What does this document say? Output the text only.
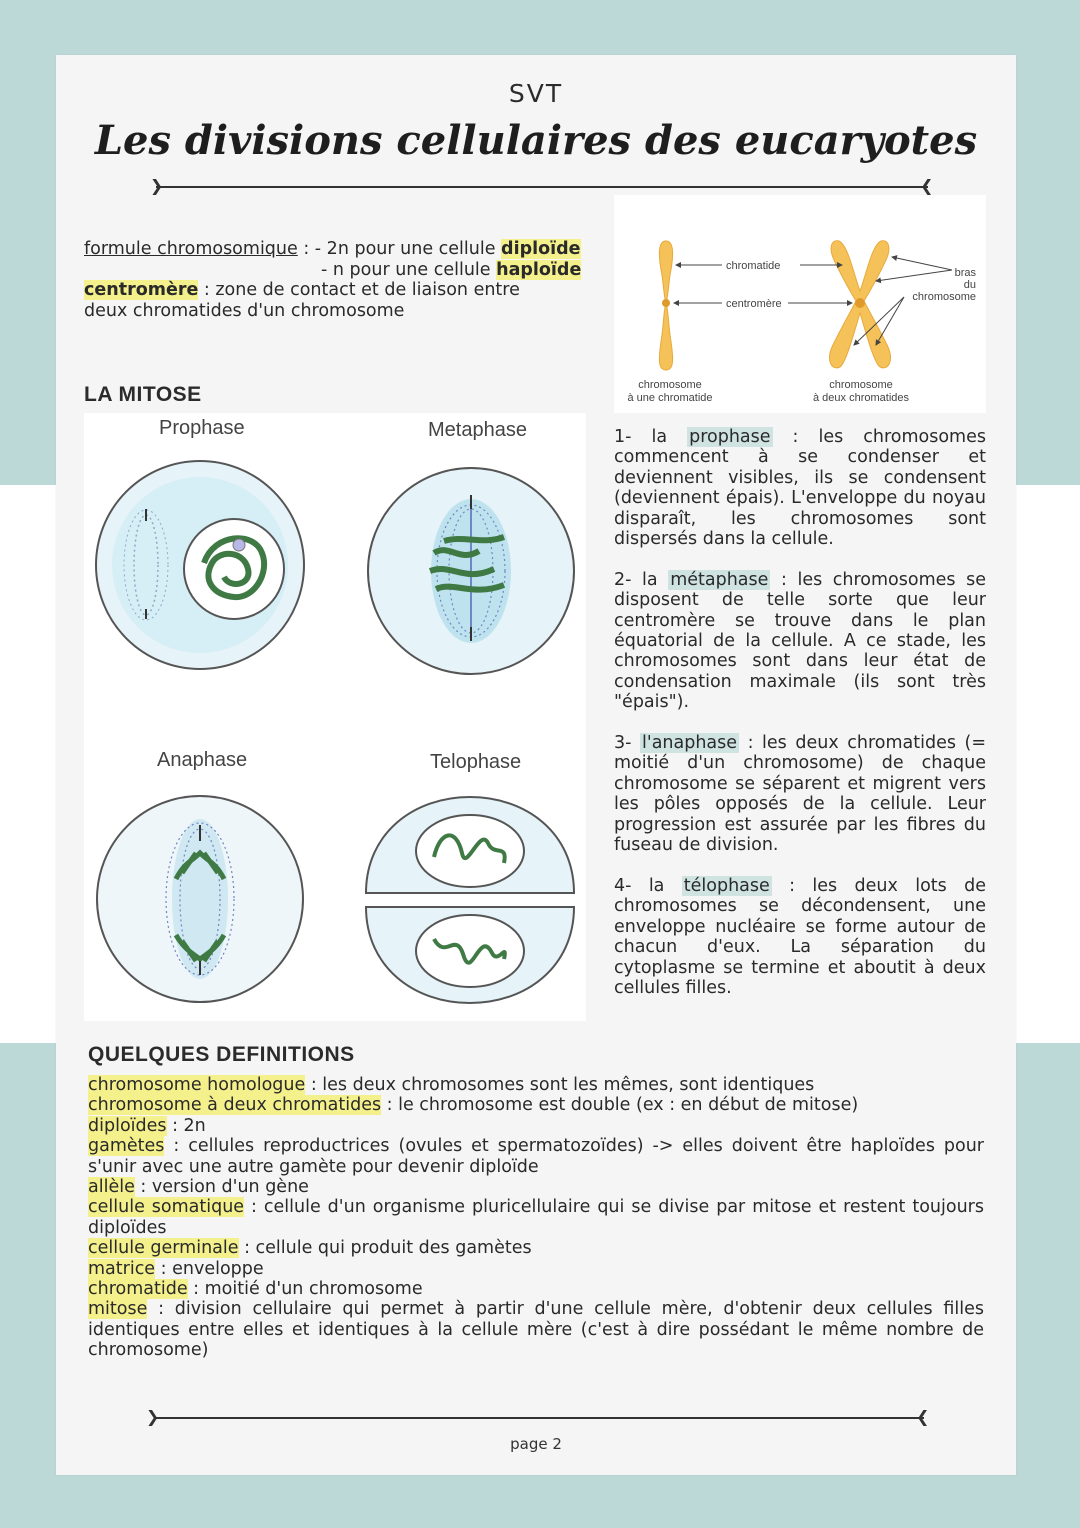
SVT
Les divisions cellulaires des eucaryotes
❯	❮
formule chromosomique : - 2n pour une cellule diploïde
- n pour une cellule haploïde
centromère : zone de contact et de liaison entre
deux chromatides d'un chromosome
chromatide
centromère
bras
du
chromosome
chromosome
à une chromatide
chromosome
à deux chromatides
LA MITOSE
Prophase	Metaphase
Anaphase	Telophase

1- la prophase : les chromosomes commencent à se condenser et deviennent visibles, ils se condensent (deviennent épais). L'enveloppe du noyau disparaît, les chromosomes sont dispersés dans la cellule.

2- la métaphase : les chromosomes se disposent de telle sorte que leur centromère se trouve dans le plan équatorial de la cellule. A ce stade, les chromosomes sont dans leur état de condensation maximale (ils sont très "épais").

3- l'anaphase : les deux chromatides (= moitié d'un chromosome) de chaque chromosome se séparent et migrent vers les pôles opposés de la cellule. Leur progression est assurée par les fibres du fuseau de division.

4- la télophase : les deux lots de chromosomes se décondensent, une enveloppe nucléaire se forme autour de chacun d'eux. La séparation du cytoplasme se termine et aboutit à deux cellules filles.

QUELQUES DEFINITIONS

chromosome homologue : les deux chromosomes sont les mêmes, sont identiques

chromosome à deux chromatides : le chromosome est double (ex : en début de mitose)

diploïdes : 2n

gamètes : cellules reproductrices (ovules et spermatozoïdes) -> elles doivent être haploïdes pour s'unir avec une autre gamète pour devenir diploïde

allèle : version d'un gène

cellule somatique : cellule d'un organisme pluricellulaire qui se divise par mitose et restent toujours diploïdes

cellule germinale : cellule qui produit des gamètes

matrice : enveloppe

chromatide : moitié d'un chromosome

mitose : division cellulaire qui permet à partir d'une cellule mère, d'obtenir deux cellules filles identiques entre elles et identiques à la cellule mère (c'est à dire possédant le même nombre de chromosome)

❯	❮
page 2
